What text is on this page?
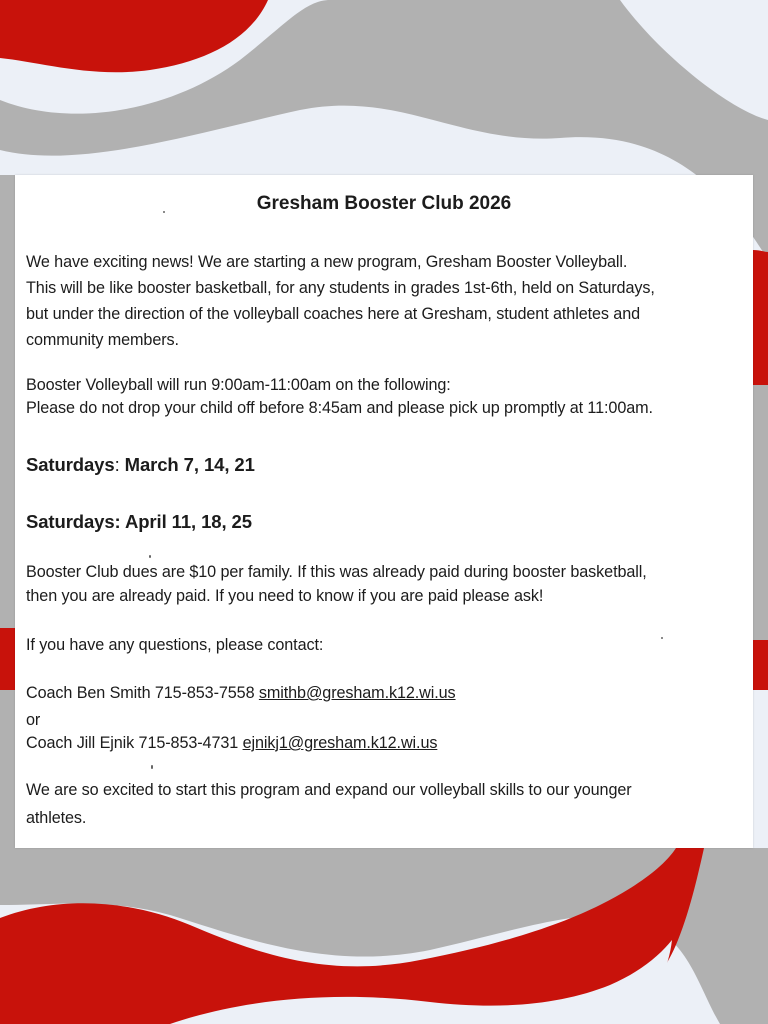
Gresham Booster Club 2026
We have exciting news! We are starting a new program, Gresham Booster Volleyball.
This will be like booster basketball, for any students in grades 1st-6th, held on Saturdays,
but under the direction of the volleyball coaches here at Gresham, student athletes and
community members.
Booster Volleyball will run 9:00am-11:00am on the following:
Please do not drop your child off before 8:45am and please pick up promptly at 11:00am.
Saturdays: March 7, 14, 21
Saturdays: April 11, 18, 25
Booster Club dues are $10 per family. If this was already paid during booster basketball,
then you are already paid. If you need to know if you are paid please ask!
If you have any questions, please contact:
Coach Ben Smith 715-853-7558 smithb@gresham.k12.wi.us
or
Coach Jill Ejnik 715-853-4731 ejnikj1@gresham.k12.wi.us
We are so excited to start this program and expand our volleyball skills to our younger
athletes.
